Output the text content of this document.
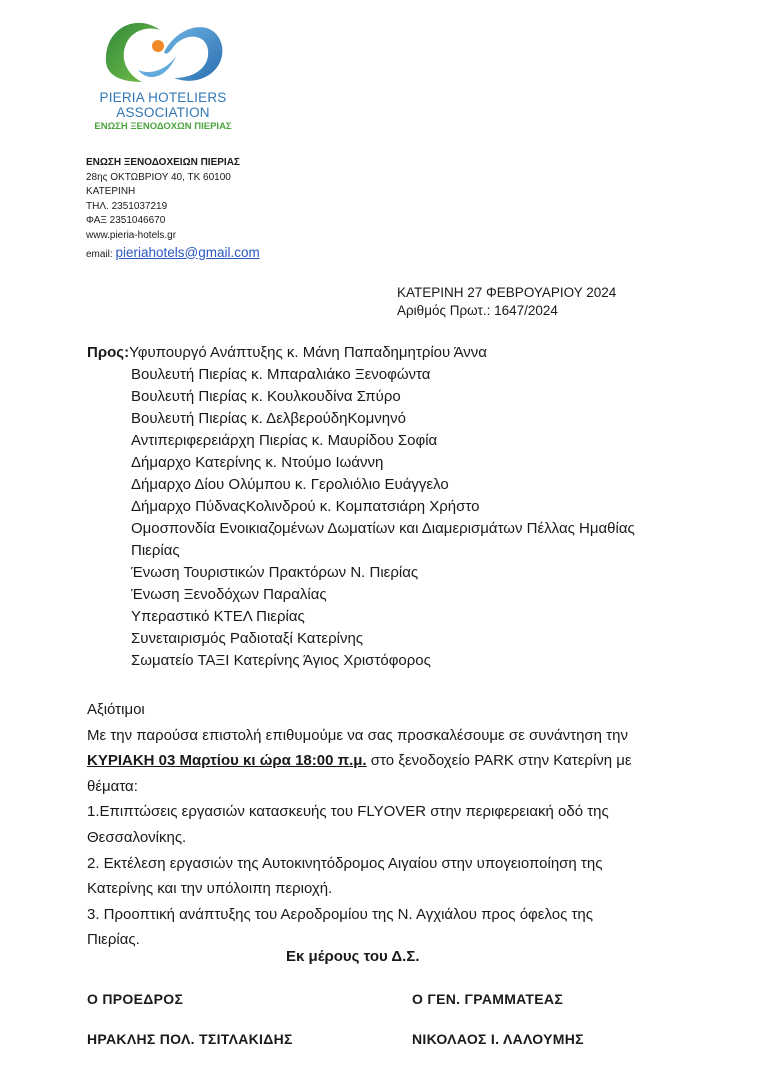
PIERIA HOTELIERS
ASSOCIATION
ΕΝΩΣΗ ΞΕΝΟΔΟΧΩΝ ΠΙΕΡΙΑΣ
ΕΝΩΣΗ ΞΕΝΟΔΟΧΕΙΩΝ ΠΙΕΡΙΑΣ
28ης ΟΚΤΩΒΡΙΟΥ 40, ΤΚ 60100
ΚΑΤΕΡΙΝΗ
ΤΗΛ. 2351037219
ΦΑΞ 2351046670
www.pieria-hotels.gr
email: pieriahotels@gmail.com
ΚΑΤΕΡΙΝΗ 27 ΦΕΒΡΟΥΑΡΙΟΥ 2024
Αριθμός Πρωτ.: 1647/2024
Προς:Υφυπουργό Ανάπτυξης κ. Μάνη Παπαδημητρίου Άννα
Βουλευτή Πιερίας κ. Μπαραλιάκο Ξενοφώντα
Βουλευτή Πιερίας κ. Κουλκουδίνα Σπύρο
Βουλευτή Πιερίας κ. ΔελβερούδηΚομνηνό
Αντιπεριφερειάρχη Πιερίας κ. Μαυρίδου Σοφία
Δήμαρχο Κατερίνης κ. Ντούμο Ιωάννη
Δήμαρχο Δίου Ολύμπου κ. Γερολιόλιο Ευάγγελο
Δήμαρχο ΠύδναςΚολινδρού κ. Κομπατσιάρη Χρήστο
Ομοσπονδία Ενοικιαζομένων Δωματίων και Διαμερισμάτων Πέλλας Ημαθίας
Πιερίας
Ένωση Τουριστικών Πρακτόρων Ν. Πιερίας
Ένωση Ξενοδόχων Παραλίας
Υπεραστικό ΚΤΕΛ Πιερίας
Συνεταιρισμός Ραδιοταξί Κατερίνης
Σωματείο ΤΑΞΙ Κατερίνης Άγιος Χριστόφορος
Αξιότιμοι
Με την παρούσα επιστολή επιθυμούμε να σας προσκαλέσουμε σε συνάντηση την
ΚΥΡΙΑΚΗ 03 Μαρτίου κι ώρα 18:00 π.μ. στο ξενοδοχείο PARK στην Κατερίνη με
θέματα:
1.Επιπτώσεις εργασιών κατασκευής του FLYOVER στην περιφερειακή οδό της
Θεσσαλονίκης.
2. Εκτέλεση εργασιών της Αυτοκινητόδρομος Αιγαίου στην υπογειοποίηση της
Κατερίνης και την υπόλοιπη περιοχή.
3. Προοπτική ανάπτυξης του Αεροδρομίου της Ν. Αγχιάλου προς όφελος της
Πιερίας.
Εκ μέρους του Δ.Σ.
Ο ΠΡΟΕΔΡΟΣ	Ο ΓΕΝ. ΓΡΑΜΜΑΤΕΑΣ
ΗΡΑΚΛΗΣ ΠΟΛ. ΤΣΙΤΛΑΚΙΔΗΣ	ΝΙΚΟΛΑΟΣ Ι. ΛΑΛΟΥΜΗΣ
